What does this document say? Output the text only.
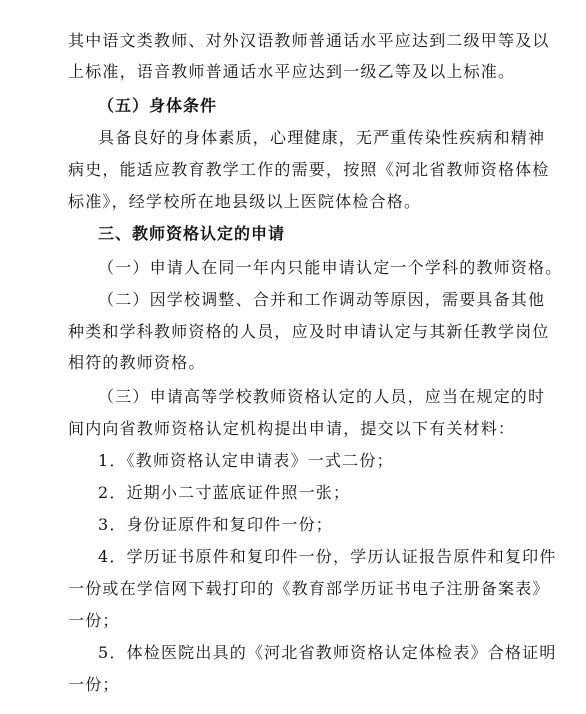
其中语文类教师、对外汉语教师普通话水平应达到二级甲等及以
上标准，语音教师普通话水平应达到一级乙等及以上标准。
（五）身体条件
具备良好的身体素质，心理健康，无严重传染性疾病和精神
病史，能适应教育教学工作的需要，按照《河北省教师资格体检
标准》，经学校所在地县级以上医院体检合格。
三、教师资格认定的申请
（一）申请人在同一年内只能申请认定一个学科的教师资格。
（二）因学校调整、合并和工作调动等原因，需要具备其他
种类和学科教师资格的人员，应及时申请认定与其新任教学岗位
相符的教师资格。
（三）申请高等学校教师资格认定的人员，应当在规定的时
间内向省教师资格认定机构提出申请，提交以下有关材料：
1．《教师资格认定申请表》一式二份；
2．近期小二寸蓝底证件照一张；
3．身份证原件和复印件一份；
4．学历证书原件和复印件一份，学历认证报告原件和复印件
一份或在学信网下载打印的《教育部学历证书电子注册备案表》
一份；
5．体检医院出具的《河北省教师资格认定体检表》合格证明
一份；
